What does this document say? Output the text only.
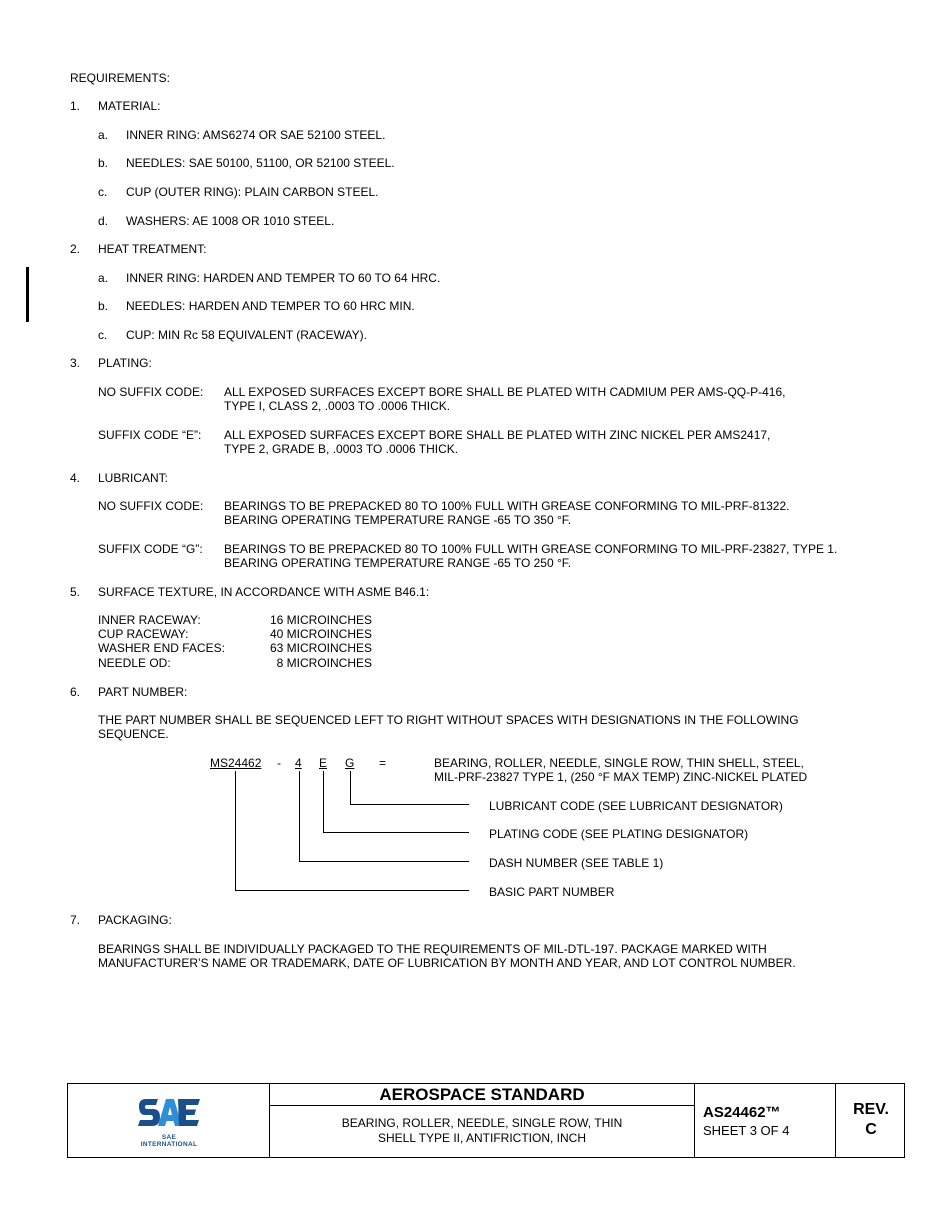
REQUIREMENTS:
1. MATERIAL:
a. INNER RING: AMS6274 OR SAE 52100 STEEL.
b. NEEDLES: SAE 50100, 51100, OR 52100 STEEL.
c. CUP (OUTER RING): PLAIN CARBON STEEL.
d. WASHERS: AE 1008 OR 1010 STEEL.
2. HEAT TREATMENT:
a. INNER RING: HARDEN AND TEMPER TO 60 TO 64 HRC.
b. NEEDLES: HARDEN AND TEMPER TO 60 HRC MIN.
c. CUP: MIN Rc 58 EQUIVALENT (RACEWAY).
3. PLATING:
NO SUFFIX CODE: ALL EXPOSED SURFACES EXCEPT BORE SHALL BE PLATED WITH CADMIUM PER AMS-QQ-P-416,
TYPE I, CLASS 2, .0003 TO .0006 THICK.
SUFFIX CODE “E”: ALL EXPOSED SURFACES EXCEPT BORE SHALL BE PLATED WITH ZINC NICKEL PER AMS2417,
TYPE 2, GRADE B, .0003 TO .0006 THICK.
4. LUBRICANT:
NO SUFFIX CODE: BEARINGS TO BE PREPACKED 80 TO 100% FULL WITH GREASE CONFORMING TO MIL-PRF-81322.
BEARING OPERATING TEMPERATURE RANGE -65 TO 350 °F.
SUFFIX CODE “G”: BEARINGS TO BE PREPACKED 80 TO 100% FULL WITH GREASE CONFORMING TO MIL-PRF-23827, TYPE 1.
BEARING OPERATING TEMPERATURE RANGE -65 TO 250 °F.
5. SURFACE TEXTURE, IN ACCORDANCE WITH ASME B46.1:
INNER RACEWAY:	16 MICROINCHES
CUP RACEWAY:	40 MICROINCHES
WASHER END FACES:	63 MICROINCHES
NEEDLE OD:	8 MICROINCHES
6. PART NUMBER:
THE PART NUMBER SHALL BE SEQUENCED LEFT TO RIGHT WITHOUT SPACES WITH DESIGNATIONS IN THE FOLLOWING
SEQUENCE.
MS24462 - 4 E G =	BEARING, ROLLER, NEEDLE, SINGLE ROW, THIN SHELL, STEEL,
MIL-PRF-23827 TYPE 1, (250 °F MAX TEMP) ZINC-NICKEL PLATED
LUBRICANT CODE (SEE LUBRICANT DESIGNATOR)
PLATING CODE (SEE PLATING DESIGNATOR)
DASH NUMBER (SEE TABLE 1)
BASIC PART NUMBER
7. PACKAGING:
BEARINGS SHALL BE INDIVIDUALLY PACKAGED TO THE REQUIREMENTS OF MIL-DTL-197. PACKAGE MARKED WITH
MANUFACTURER’S NAME OR TRADEMARK, DATE OF LUBRICATION BY MONTH AND YEAR, AND LOT CONTROL NUMBER.
SAE INTERNATIONAL
AEROSPACE STANDARD
BEARING, ROLLER, NEEDLE, SINGLE ROW, THIN
SHELL TYPE II, ANTIFRICTION, INCH
AS24462™
SHEET 3 OF 4
REV.
C
